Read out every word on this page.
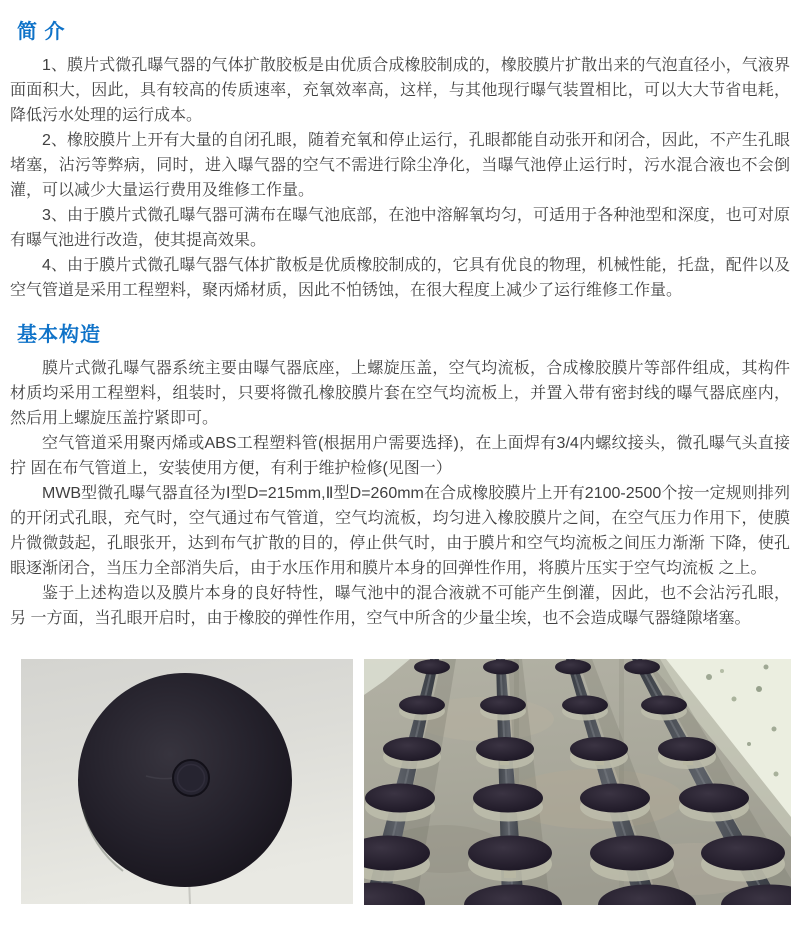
简 介

1、膜片式微孔曝气器的气体扩散胶板是由优质合成橡胶制成的，橡胶膜片扩散出来的气泡直径小，气液界面面积大，因此，具有较高的传质速率，充氧效率高，这样，与其他现行曝气装置相比，可以大大节省电耗，降低污水处理的运行成本。

2、橡胶膜片上开有大量的自闭孔眼，随着充氧和停止运行，孔眼都能自动张开和闭合，因此，不产生孔眼堵塞，沾污等弊病，同时，进入曝气器的空气不需进行除尘净化，当曝气池停止运行时，污水混合液也不会倒灌，可以减少大量运行费用及维修工作量。

3、由于膜片式微孔曝气器可满布在曝气池底部，在池中溶解氧均匀，可适用于各种池型和深度，也可对原有曝气池进行改造，使其提高效果。

4、由于膜片式微孔曝气器气体扩散板是优质橡胶制成的，它具有优良的物理，机械性能，托盘，配件以及空气管道是采用工程塑料，聚丙烯材质，因此不怕锈蚀，在很大程度上减少了运行维修工作量。

基本构造

膜片式微孔曝气器系统主要由曝气器底座，上螺旋压盖，空气均流板，合成橡胶膜片等部件组成，其构件材质均采用工程塑料，组装时，只要将微孔橡胶膜片套在空气均流板上，并置入带有密封线的曝气器底座内，然后用上螺旋压盖拧紧即可。

空气管道采用聚丙烯或ABS工程塑料管(根据用户需要选择)，在上面焊有3/4内螺纹接头，微孔曝气头直接拧 固在布气管道上，安装使用方便，有利于维护检修(见图一）

MWB型微孔曝气器直径为Ⅰ型D=215mm,Ⅱ型D=260mm在合成橡胶膜片上开有2100-2500个按一定规则排列的开闭式孔眼，充气时，空气通过布气管道，空气均流板，均匀进入橡胶膜片之间，在空气压力作用下，使膜片微微鼓起，孔眼张开，达到布气扩散的目的，停止供气时，由于膜片和空气均流板之间压力渐渐 下降，使孔眼逐渐闭合，当压力全部消失后，由于水压作用和膜片本身的回弹性作用，将膜片压实于空气均流板 之上。

鉴于上述构造以及膜片本身的良好特性，曝气池中的混合液就不可能产生倒灌，因此，也不会沾污孔眼，另 一方面，当孔眼开启时，由于橡胶的弹性作用，空气中所含的少量尘埃，也不会造成曝气器缝隙堵塞。
